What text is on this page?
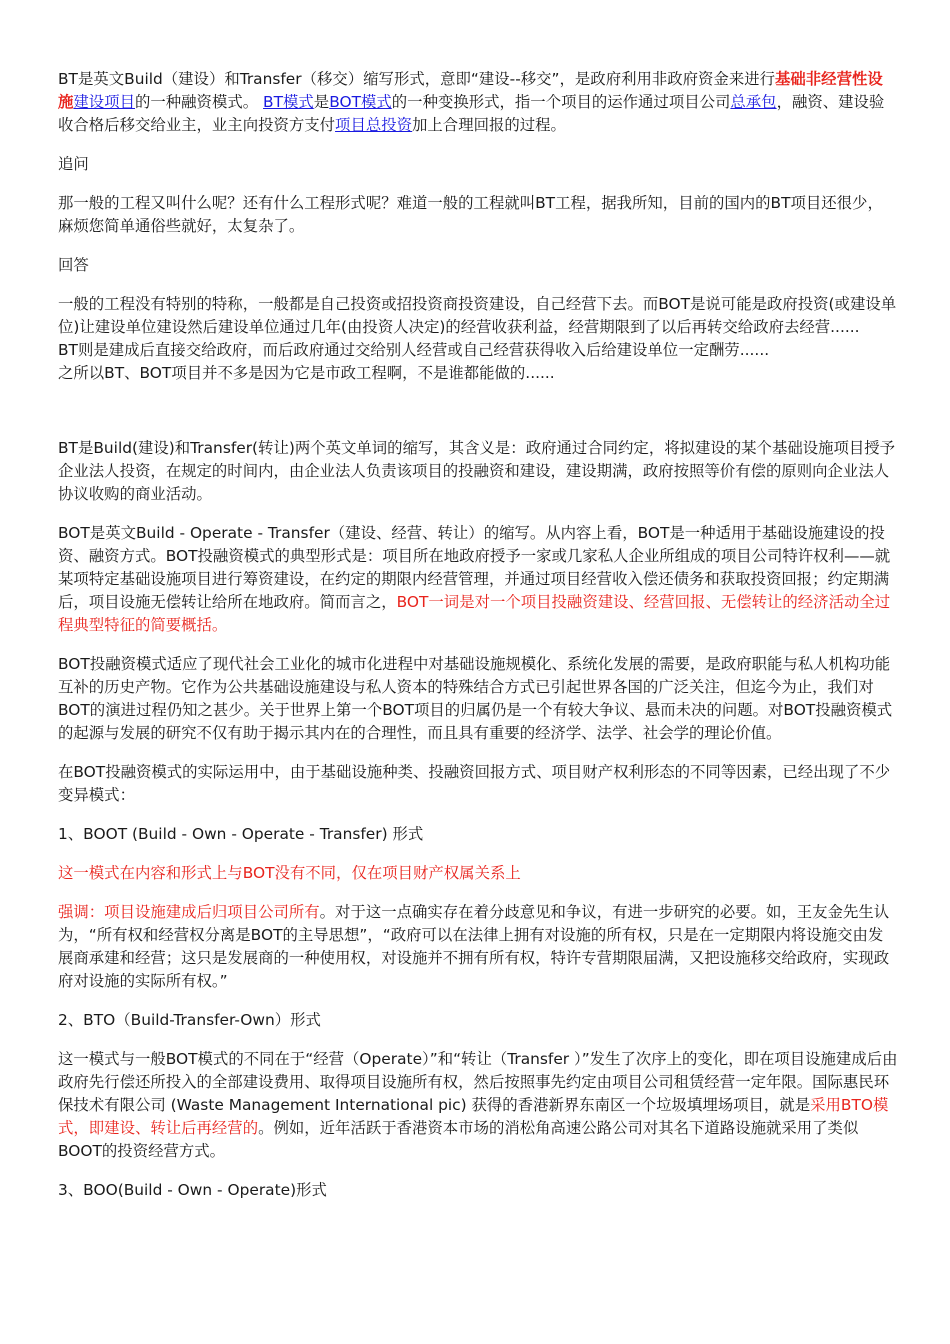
BT是英文Build（建设）和Transfer（移交）缩写形式，意即“建设--移交”，是政府利用非政府资金来进行基础非经营性设施建设项目的一种融资模式。 BT模式是BOT模式的一种变换形式，指一个项目的运作通过项目公司总承包，融资、建设验收合格后移交给业主，业主向投资方支付项目总投资加上合理回报的过程。

追问

那一般的工程又叫什么呢？还有什么工程形式呢？难道一般的工程就叫BT工程，据我所知，目前的国内的BT项目还很少，麻烦您简单通俗些就好，太复杂了。

回答

一般的工程没有特别的特称，一般都是自己投资或招投资商投资建设，自己经营下去。而BOT是说可能是政府投资(或建设单位)让建设单位建设然后建设单位通过几年(由投资人决定)的经营收获利益，经营期限到了以后再转交给政府去经营......
BT则是建成后直接交给政府，而后政府通过交给别人经营或自己经营获得收入后给建设单位一定酬劳......
之所以BT、BOT项目并不多是因为它是市政工程啊，不是谁都能做的......

BT是Build(建设)和Transfer(转让)两个英文单词的缩写，其含义是：政府通过合同约定，将拟建设的某个基础设施项目授予企业法人投资，在规定的时间内，由企业法人负责该项目的投融资和建设，建设期满，政府按照等价有偿的原则向企业法人协议收购的商业活动。

BOT是英文Build - Operate - Transfer（建设、经营、转让）的缩写。从内容上看，BOT是一种适用于基础设施建设的投资、融资方式。BOT投融资模式的典型形式是：项目所在地政府授予一家或几家私人企业所组成的项目公司特许权利——就某项特定基础设施项目进行筹资建设，在约定的期限内经营管理，并通过项目经营收入偿还债务和获取投资回报；约定期满后，项目设施无偿转让给所在地政府。简而言之，BOT一词是对一个项目投融资建设、经营回报、无偿转让的经济活动全过程典型特征的简要概括。

BOT投融资模式适应了现代社会工业化的城市化进程中对基础设施规模化、系统化发展的需要，是政府职能与私人机构功能互补的历史产物。它作为公共基础设施建设与私人资本的特殊结合方式已引起世界各国的广泛关注，但迄今为止，我们对BOT的演进过程仍知之甚少。关于世界上第一个BOT项目的归属仍是一个有较大争议、悬而未决的问题。对BOT投融资模式的起源与发展的研究不仅有助于揭示其内在的合理性，而且具有重要的经济学、法学、社会学的理论价值。

在BOT投融资模式的实际运用中，由于基础设施种类、投融资回报方式、项目财产权利形态的不同等因素，已经出现了不少变异模式：

1、BOOT (Build - Own - Operate - Transfer) 形式

这一模式在内容和形式上与BOT没有不同，仅在项目财产权属关系上

强调：项目设施建成后归项目公司所有。对于这一点确实存在着分歧意见和争议，有进一步研究的必要。如，王友金先生认为，“所有权和经营权分离是BOT的主导思想”，“政府可以在法律上拥有对设施的所有权，只是在一定期限内将设施交由发展商承建和经营；这只是发展商的一种使用权，对设施并不拥有所有权，特许专营期限届满，又把设施移交给政府，实现政府对设施的实际所有权。”

2、BTO（Build-Transfer-Own）形式

这一模式与一般BOT模式的不同在于“经营（Operate）”和“转让（Transfer ）”发生了次序上的变化，即在项目设施建成后由政府先行偿还所投入的全部建设费用、取得项目设施所有权，然后按照事先约定由项目公司租赁经营一定年限。国际惠民环保技术有限公司 (Waste Management International pic) 获得的香港新界东南区一个垃圾填埋场项目，就是采用BTO模式，即建设、转让后再经营的。例如，近年活跃于香港资本市场的消松角高速公路公司对其名下道路设施就采用了类似BOOT的投资经营方式。

3、BOO(Build - Own - Operate)形式
